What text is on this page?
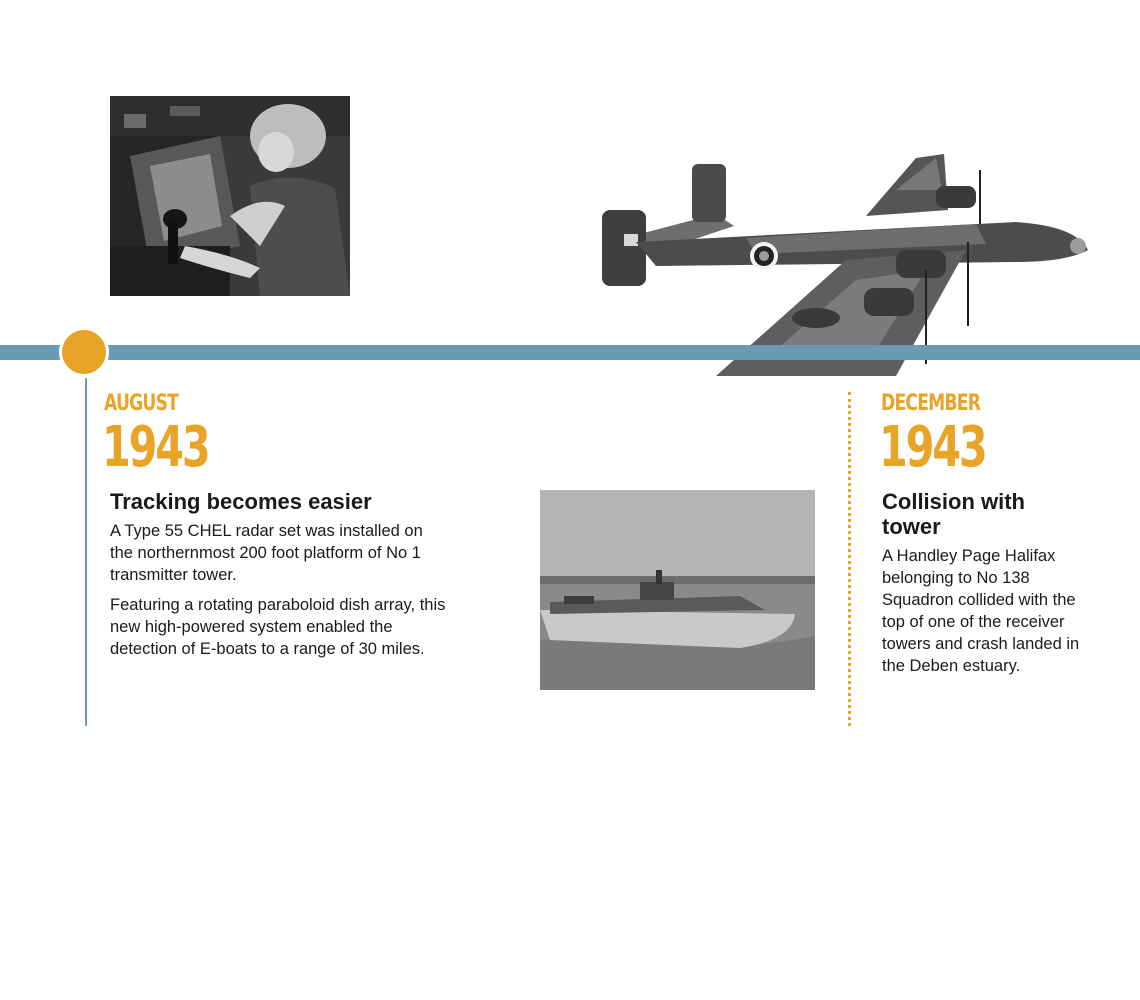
AUGUST
1943
Tracking becomes easier

A Type 55 CHEL radar set was installed on the northernmost 200 foot platform of No 1 transmitter tower.

Featuring a rotating paraboloid dish array, this new high-powered system enabled the detection of E-boats to a range of 30 miles.

DECEMBER
1943
Collision with tower

A Handley Page Halifax belonging to No 138 Squadron collided with the top of one of the receiver towers and crash landed in the Deben estuary.
